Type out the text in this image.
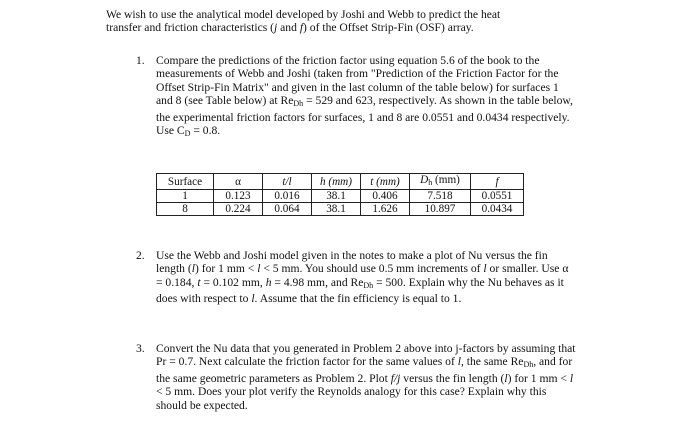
We wish to use the analytical model developed by Joshi and Webb to predict the heat
transfer and friction characteristics (j and f) of the Offset Strip-Fin (OSF) array.
1. Compare the predictions of the friction factor using equation 5.6 of the book to the measurements of Webb and Joshi (taken from "Prediction of the Friction Factor for the Offset Strip-Fin Matrix" and given in the last column of the table below) for surfaces 1 and 8 (see Table below) at $Re_{Dh} = 529$ and 623, respectively. As shown in the table below, the experimental friction factors for surfaces, 1 and 8 are 0.0551 and 0.0434 respectively. Use $C_D = 0.8$.
Surface	α	t/l	h (mm)	t (mm)	$D_h$ (mm)	f
1	0.123	0.016	38.1	0.406	7.518	0.0551
8	0.224	0.064	38.1	1.626	10.897	0.0434
2. Use the Webb and Joshi model given in the notes to make a plot of Nu versus the fin length (l) for 1 mm < l < 5 mm. You should use 0.5 mm increments of l or smaller. Use α = 0.184, t = 0.102 mm, h = 4.98 mm, and $Re_{Dh} = 500$. Explain why the Nu behaves as it does with respect to l. Assume that the fin efficiency is equal to 1.
3. Convert the Nu data that you generated in Problem 2 above into j-factors by assuming that Pr = 0.7. Next calculate the friction factor for the same values of l, the same $Re_{Dh}$, and for the same geometric parameters as Problem 2. Plot f/j versus the fin length (l) for 1 mm < l < 5 mm. Does your plot verify the Reynolds analogy for this case? Explain why this should be expected.
